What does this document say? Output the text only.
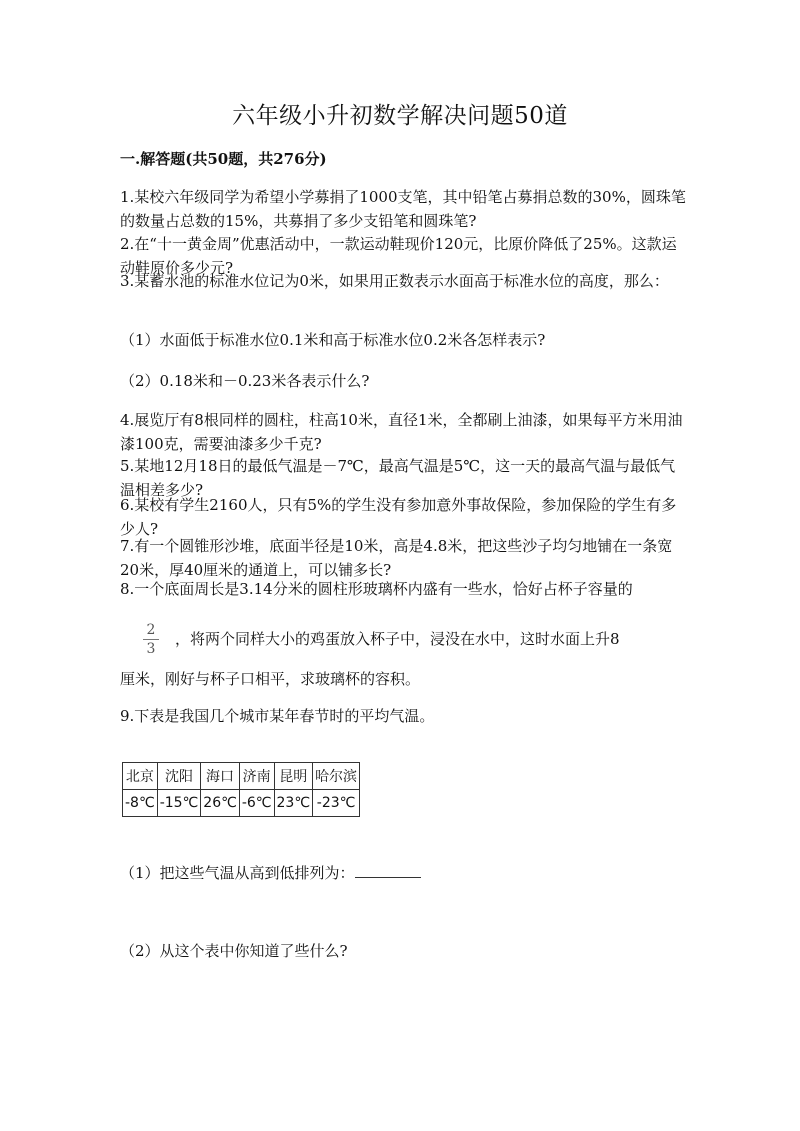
六年级小升初数学解决问题50道
一.解答题(共50题，共276分)

1.某校六年级同学为希望小学募捐了1000支笔，其中铅笔占募捐总数的30%，圆珠笔的数量占总数的15%，共募捐了多少支铅笔和圆珠笔?

2.在“十一黄金周”优惠活动中，一款运动鞋现价120元，比原价降低了25%。这款运动鞋原价多少元?

3.某蓄水池的标准水位记为0米，如果用正数表示水面高于标准水位的高度，那么：

（1）水面低于标准水位0.1米和高于标准水位0.2米各怎样表示?

（2）0.18米和－0.23米各表示什么?

4.展览厅有8根同样的圆柱，柱高10米，直径1米，全都刷上油漆，如果每平方米用油漆100克，需要油漆多少千克?

5.某地12月18日的最低气温是－7℃，最高气温是5℃，这一天的最高气温与最低气温相差多少?

6.某校有学生2160人，只有5%的学生没有参加意外事故保险，参加保险的学生有多少人?

7.有一个圆锥形沙堆，底面半径是10米，高是4.8米，把这些沙子均匀地铺在一条宽20米，厚40厘米的通道上，可以铺多长?

8.一个底面周长是3.14分米的圆柱形玻璃杯内盛有一些水，恰好占杯子容量的

2
3

，将两个同样大小的鸡蛋放入杯子中，浸没在水中，这时水面上升8

厘米，刚好与杯子口相平，求玻璃杯的容积。

9.下表是我国几个城市某年春节时的平均气温。

北京	沈阳	海口	济南	昆明	哈尔滨
-8℃	-15℃	26℃	-6℃	23℃	-23℃

（1）把这些气温从高到低排列为：

（2）从这个表中你知道了些什么?
